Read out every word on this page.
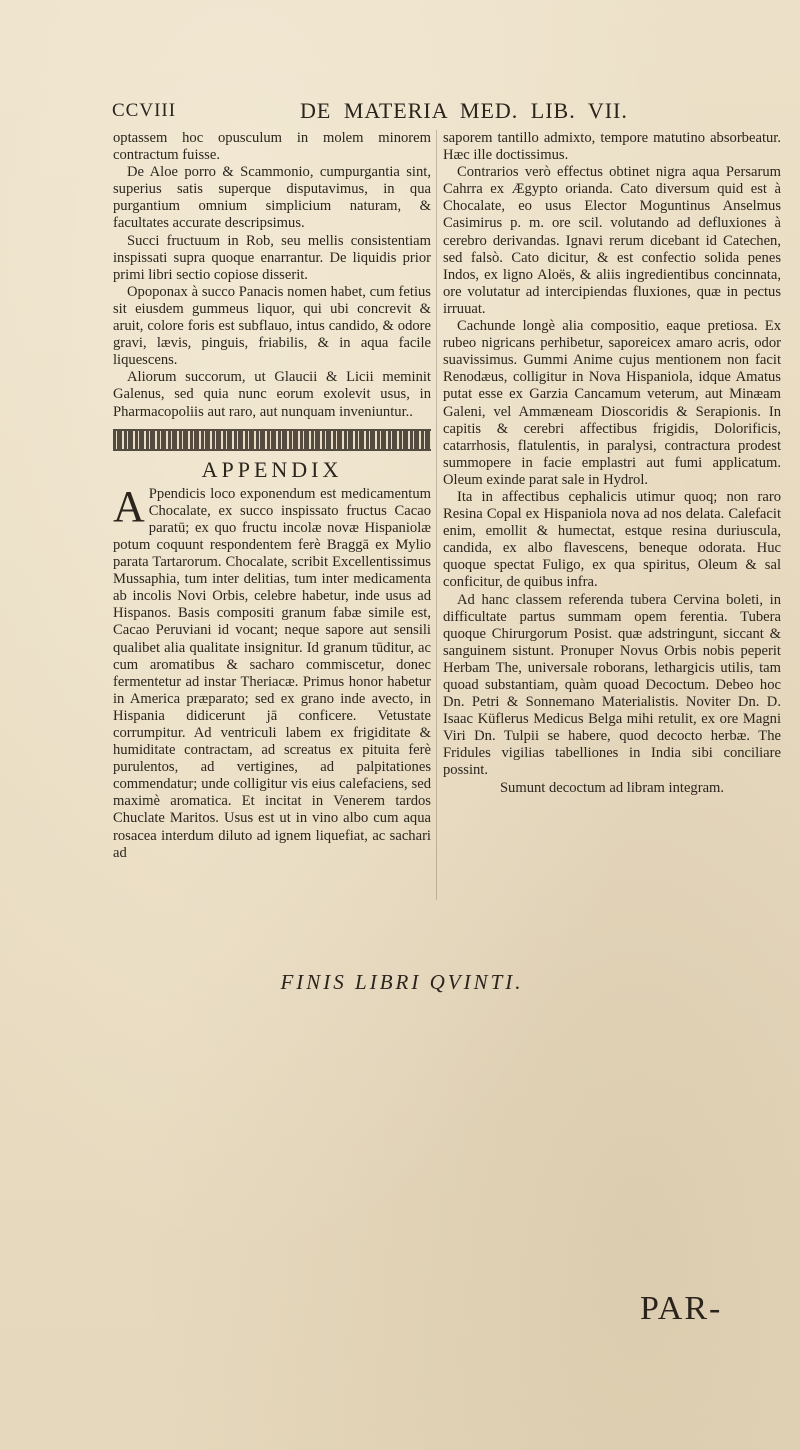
CCVIII	DE MATERIA MED. LIB. VII.

optassem hoc opusculum in molem minorem contractum fuisse.

De Aloe porro & Scammonio, cumpurgantia sint, superius satis superque disputavimus, in qua purgantium omnium simplicium naturam, & facultates accurate descripsimus.

Succi fructuum in Rob, seu mellis consistentiam inspissati supra quoque enarrantur. De liquidis prior primi libri sectio copiose disserit.

Opoponax à succo Panacis nomen habet, cum fetius sit eiusdem gummeus liquor, qui ubi concrevit & aruit, colore foris est subflauo, intus candido, & odore gravi, lævis, pinguis, friabilis, & in aqua facile liquescens.

Aliorum succorum, ut Glaucii & Licii meminit Galenus, sed quia nunc eorum exolevit usus, in Pharmacopoliis aut raro, aut nunquam inveniuntur..

APPENDIX

A Ppendicis loco exponendum est medicamentum Chocalate, ex succo inspissato fructus Cacao paratū; ex quo fructu incolæ novæ Hispaniolæ potum coquunt respondentem ferè Braggā ex Mylio parata Tartarorum. Chocalate, scribit Excellentissimus Mussaphia, tum inter delitias, tum inter medicamenta ab incolis Novi Orbis, celebre habetur, inde usus ad Hispanos. Basis compositi granum fabæ simile est, Cacao Peruviani id vocant; neque sapore aut sensili qualibet alia qualitate insignitur. Id granum tūditur, ac cum aromatibus & sacharo commiscetur, donec fermentetur ad instar Theriacæ. Primus honor habetur in America præparato; sed ex grano inde avecto, in Hispania didicerunt jā conficere. Vetustate corrumpitur. Ad ventriculi labem ex frigiditate & humiditate contractam, ad screatus ex pituita ferè purulentos, ad vertigines, ad palpitationes commendatur; unde colligitur vis eius calefaciens, sed maximè aromatica. Et incitat in Venerem tardos Chuclate Maritos. Usus est ut in vino albo cum aqua rosacea interdum diluto ad ignem liquefiat, ac sachari ad

saporem tantillo admixto, tempore matutino absorbeatur. Hæc ille doctissimus.

Contrarios verò effectus obtinet nigra aqua Persarum Cahrra ex Ægypto orianda. Cato diversum quid est à Chocalate, eo usus Elector Moguntinus Anselmus Casimirus p. m. ore scil. volutando ad defluxiones à cerebro derivandas. Ignavi rerum dicebant id Catechen, sed falsò. Cato dicitur, & est confectio solida penes Indos, ex ligno Aloës, & aliis ingredientibus concinnata, ore volutatur ad intercipiendas fluxiones, quæ in pectus irruuat.

Cachunde longè alia compositio, eaque pretiosa. Ex rubeo nigricans perhibetur, saporeicex amaro acris, odor suavissimus. Gummi Anime cujus mentionem non facit Renodæus, colligitur in Nova Hispaniola, idque Amatus putat esse ex Garzia Cancamum veterum, aut Minæam Galeni, vel Ammæneam Dioscoridis & Serapionis. In capitis & cerebri affectibus frigidis, Dolorificis, catarrhosis, flatulentis, in paralysi, contractura prodest summopere in facie emplastri aut fumi applicatum. Oleum exinde parat sale in Hydrol.

Ita in affectibus cephalicis utimur quoq; non raro Resina Copal ex Hispaniola nova ad nos delata. Calefacit enim, emollit & humectat, estque resina duriuscula, candida, ex albo flavescens, beneque odorata. Huc quoque spectat Fuligo, ex qua spiritus, Oleum & sal conficitur, de quibus infra.

Ad hanc classem referenda tubera Cervina boleti, in difficultate partus summam opem ferentia. Tubera quoque Chirurgorum Posist. quæ adstringunt, siccant & sanguinem sistunt. Pronuper Novus Orbis nobis peperit Herbam The, universale roborans, lethargicis utilis, tam quoad substantiam, quàm quoad Decoctum. Debeo hoc Dn. Petri & Sonnemano Materialistis. Noviter Dn. D. Isaac Küflerus Medicus Belga mihi retulit, ex ore Magni Viri Dn. Tulpii se habere, quod decocto herbæ. The Fridules vigilias tabelliones in India sibi conciliare possint.

Sumunt decoctum ad libram integram.

FINIS LIBRI QVINTI.
PAR-
